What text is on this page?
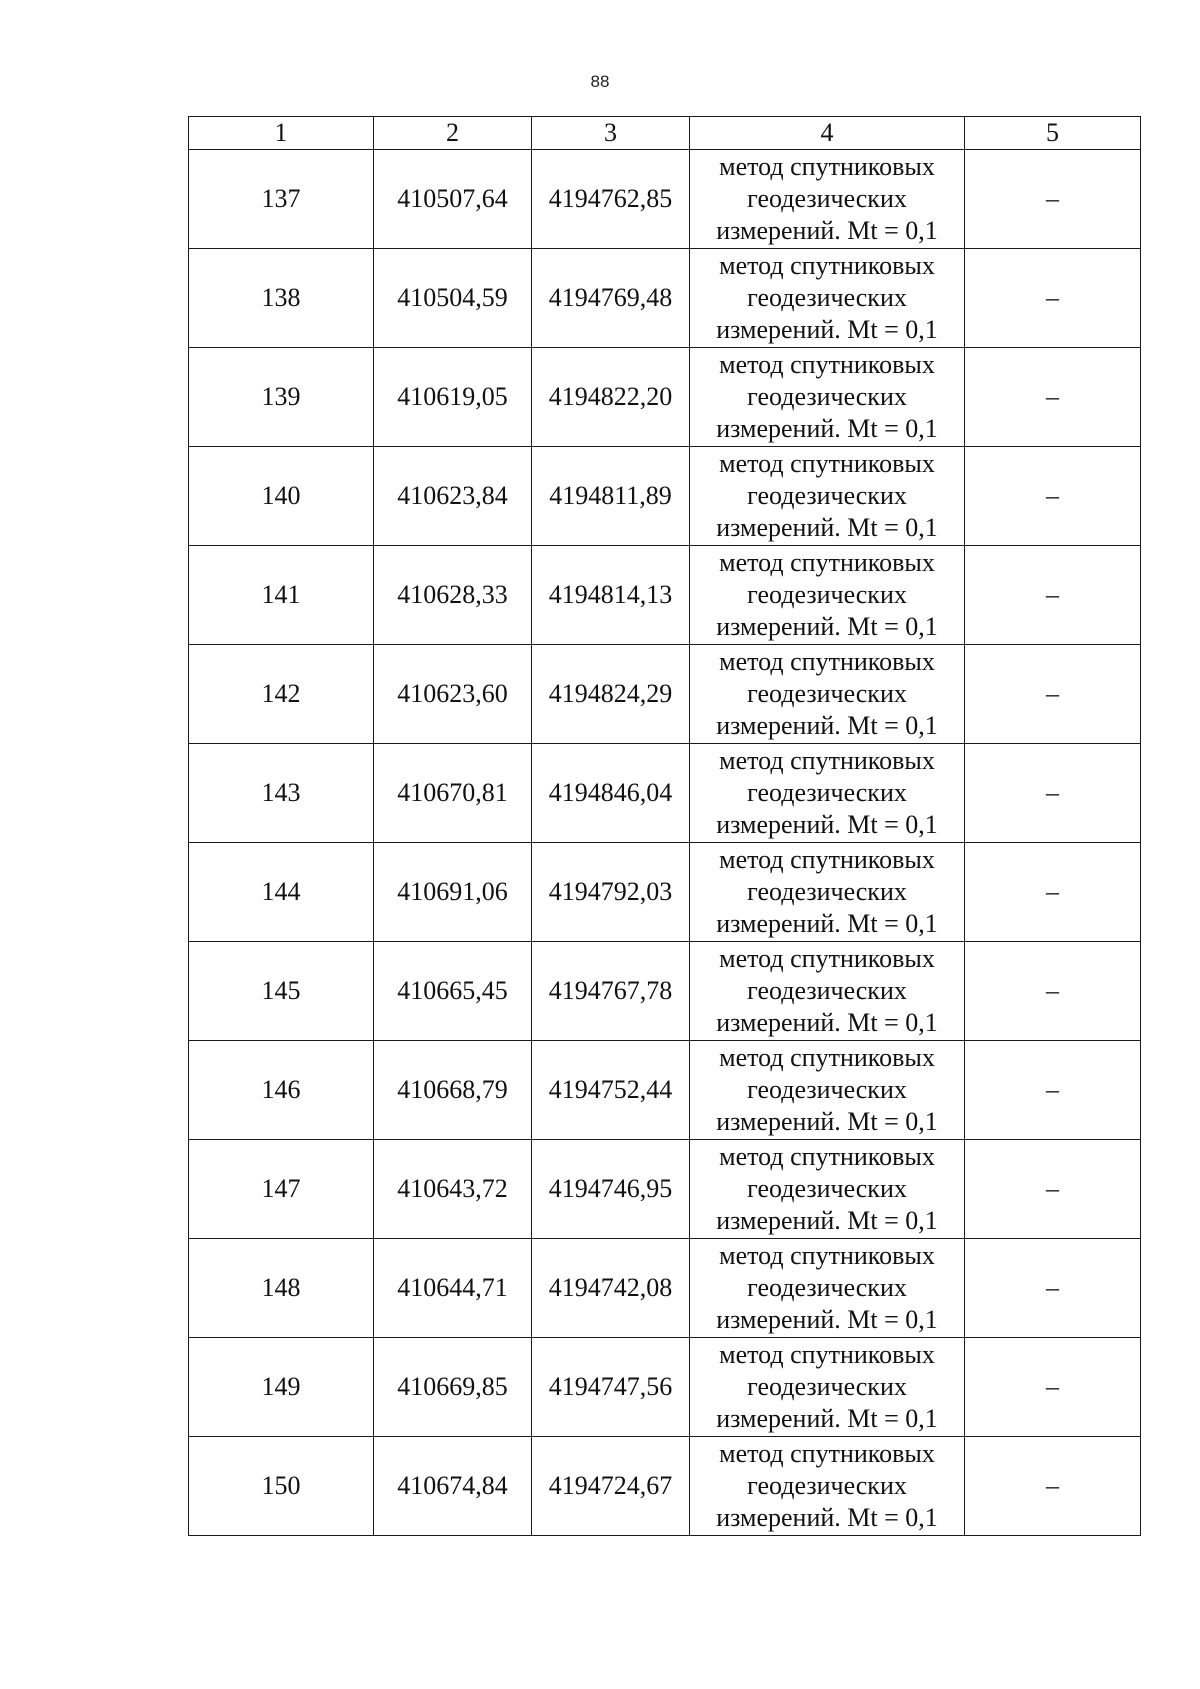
88
1	2	3	4	5
137	410507,64	4194762,85	метод спутниковых
геодезических
измерений. Mt = 0,1	–
138	410504,59	4194769,48	метод спутниковых
геодезических
измерений. Mt = 0,1	–
139	410619,05	4194822,20	метод спутниковых
геодезических
измерений. Mt = 0,1	–
140	410623,84	4194811,89	метод спутниковых
геодезических
измерений. Mt = 0,1	–
141	410628,33	4194814,13	метод спутниковых
геодезических
измерений. Mt = 0,1	–
142	410623,60	4194824,29	метод спутниковых
геодезических
измерений. Mt = 0,1	–
143	410670,81	4194846,04	метод спутниковых
геодезических
измерений. Mt = 0,1	–
144	410691,06	4194792,03	метод спутниковых
геодезических
измерений. Mt = 0,1	–
145	410665,45	4194767,78	метод спутниковых
геодезических
измерений. Mt = 0,1	–
146	410668,79	4194752,44	метод спутниковых
геодезических
измерений. Mt = 0,1	–
147	410643,72	4194746,95	метод спутниковых
геодезических
измерений. Mt = 0,1	–
148	410644,71	4194742,08	метод спутниковых
геодезических
измерений. Mt = 0,1	–
149	410669,85	4194747,56	метод спутниковых
геодезических
измерений. Mt = 0,1	–
150	410674,84	4194724,67	метод спутниковых
геодезических
измерений. Mt = 0,1	–
